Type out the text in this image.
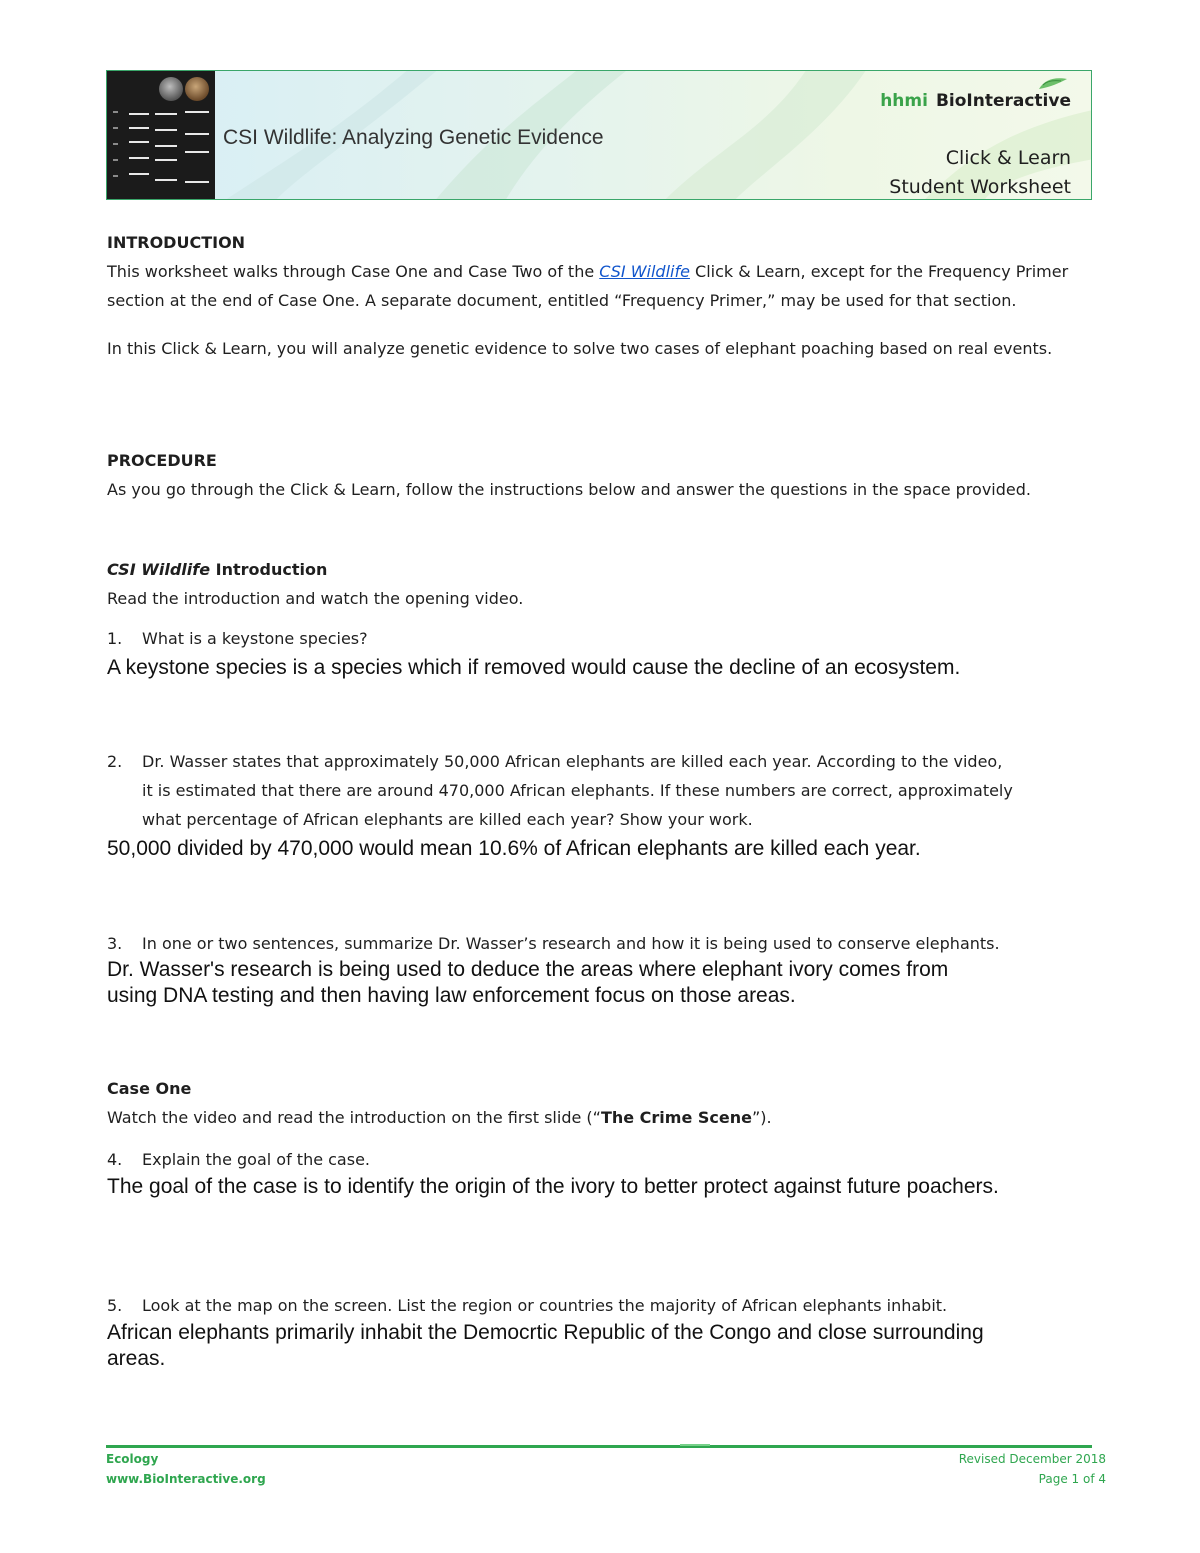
CSI Wildlife: Analyzing Genetic Evidence
hhmi BioInteractive
Click & Learn
Student Worksheet

INTRODUCTION

This worksheet walks through Case One and Case Two of the CSI Wildlife Click & Learn, except for the Frequency Primer section at the end of Case One. A separate document, entitled “Frequency Primer,” may be used for that section.

In this Click & Learn, you will analyze genetic evidence to solve two cases of elephant poaching based on real events.

PROCEDURE

As you go through the Click & Learn, follow the instructions below and answer the questions in the space provided.

CSI Wildlife Introduction

Read the introduction and watch the opening video.

1. What is a keystone species?
A keystone species is a species which if removed would cause the decline of an ecosystem.
2. Dr. Wasser states that approximately 50,000 African elephants are killed each year. According to the video,
it is estimated that there are around 470,000 African elephants. If these numbers are correct, approximately
what percentage of African elephants are killed each year? Show your work.
50,000 divided by 470,000 would mean 10.6% of African elephants are killed each year.
3. In one or two sentences, summarize Dr. Wasser’s research and how it is being used to conserve elephants.
Dr. Wasser's research is being used to deduce the areas where elephant ivory comes from
using DNA testing and then having law enforcement focus on those areas.

Case One

Watch the video and read the introduction on the first slide (“The Crime Scene”).

4. Explain the goal of the case.
The goal of the case is to identify the origin of the ivory to better protect against future poachers.
5. Look at the map on the screen. List the region or countries the majority of African elephants inhabit.
African elephants primarily inhabit the Democrtic Republic of the Congo and close surrounding
areas.
Ecology
www.BioInteractive.org
Revised December 2018
Page 1 of 4
